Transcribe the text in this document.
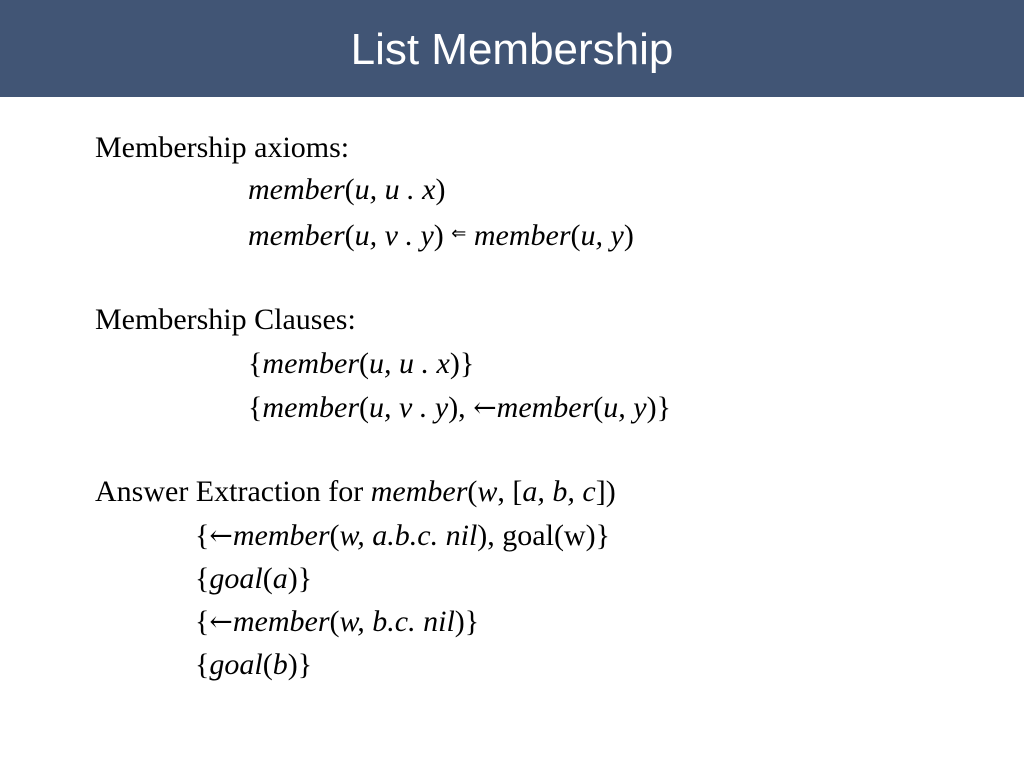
List Membership
Membership axioms:
member(u, u . x)
member(u, v . y) ⇐ member(u, y)
Membership Clauses:
{member(u, u . x)}
{member(u, v . y), ←member(u, y)}
Answer Extraction for member(w, [a, b, c])
{←member(w, a.b.c. nil), goal(w)}
{goal(a)}
{←member(w, b.c. nil)}
{goal(b)}
